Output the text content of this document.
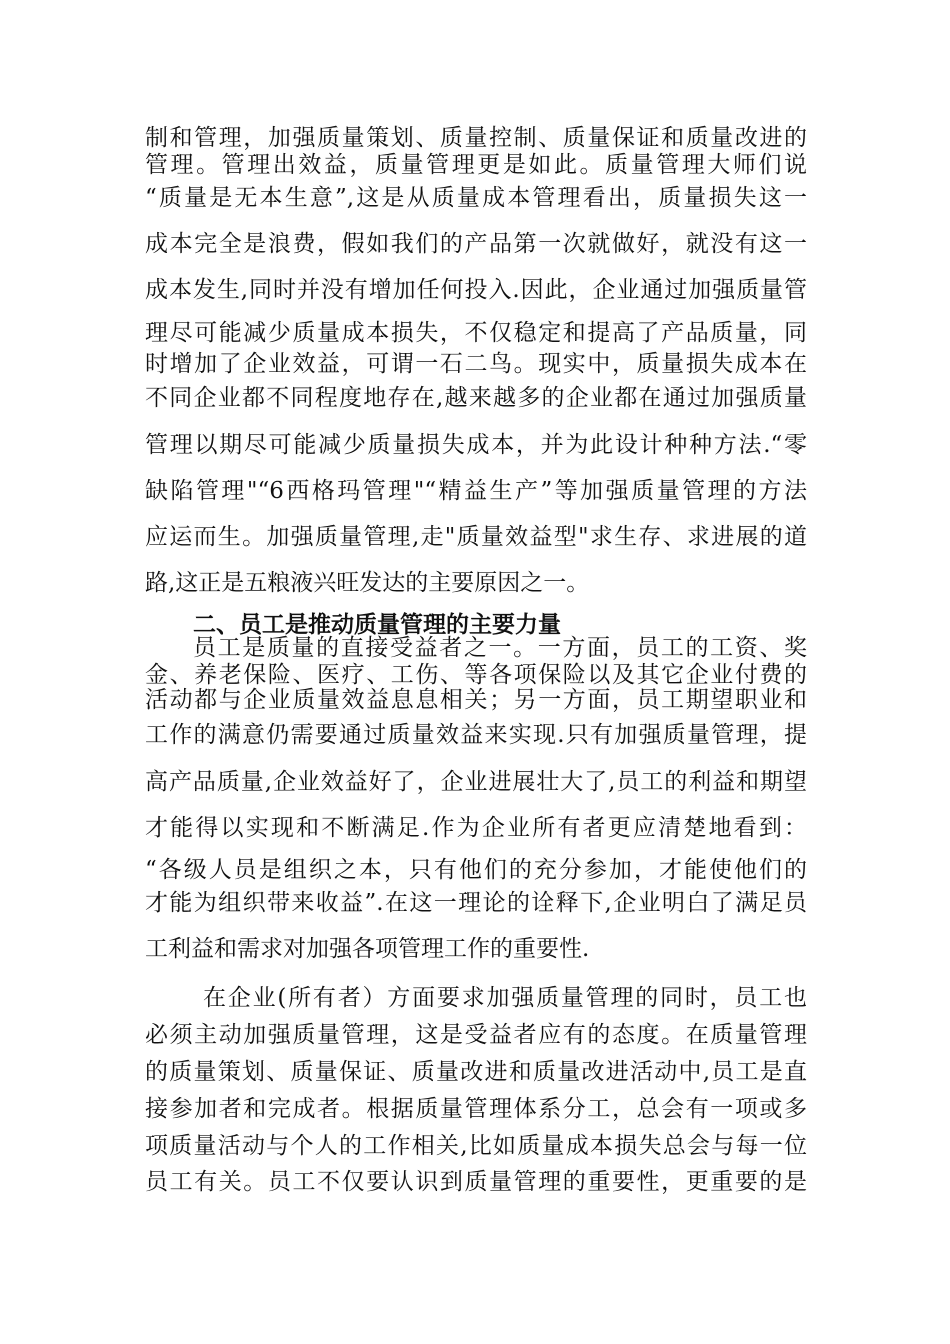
制和管理，加强质量策划、质量控制、质量保证和质量改进的
管理。管理出效益，质量管理更是如此。质量管理大师们说
“质量是无本生意”,这是从质量成本管理看出，质量损失这一
成本完全是浪费，假如我们的产品第一次就做好，就没有这一
成本发生,同时并没有增加任何投入.因此，企业通过加强质量管
理尽可能减少质量成本损失，不仅稳定和提高了产品质量，同
时增加了企业效益，可谓一石二鸟。现实中，质量损失成本在
不同企业都不同程度地存在,越来越多的企业都在通过加强质量
管理以期尽可能减少质量损失成本，并为此设计种种方法.“零
缺陷管理"“6西格玛管理"“精益生产”等加强质量管理的方法
应运而生。加强质量管理,走"质量效益型"求生存、求进展的道
路,这正是五粮液兴旺发达的主要原因之一。
二、员工是推动质量管理的主要力量
员工是质量的直接受益者之一。一方面，员工的工资、奖
金、养老保险、医疗、工伤、等各项保险以及其它企业付费的
活动都与企业质量效益息息相关；另一方面，员工期望职业和
工作的满意仍需要通过质量效益来实现.只有加强质量管理，提
高产品质量,企业效益好了，企业进展壮大了,员工的利益和期望
才能得以实现和不断满足.作为企业所有者更应清楚地看到：
“各级人员是组织之本，只有他们的充分参加，才能使他们的
才能为组织带来收益”.在这一理论的诠释下,企业明白了满足员
工利益和需求对加强各项管理工作的重要性.
在企业(所有者）方面要求加强质量管理的同时，员工也
必须主动加强质量管理，这是受益者应有的态度。在质量管理
的质量策划、质量保证、质量改进和质量改进活动中,员工是直
接参加者和完成者。根据质量管理体系分工，总会有一项或多
项质量活动与个人的工作相关,比如质量成本损失总会与每一位
员工有关。员工不仅要认识到质量管理的重要性，更重要的是
